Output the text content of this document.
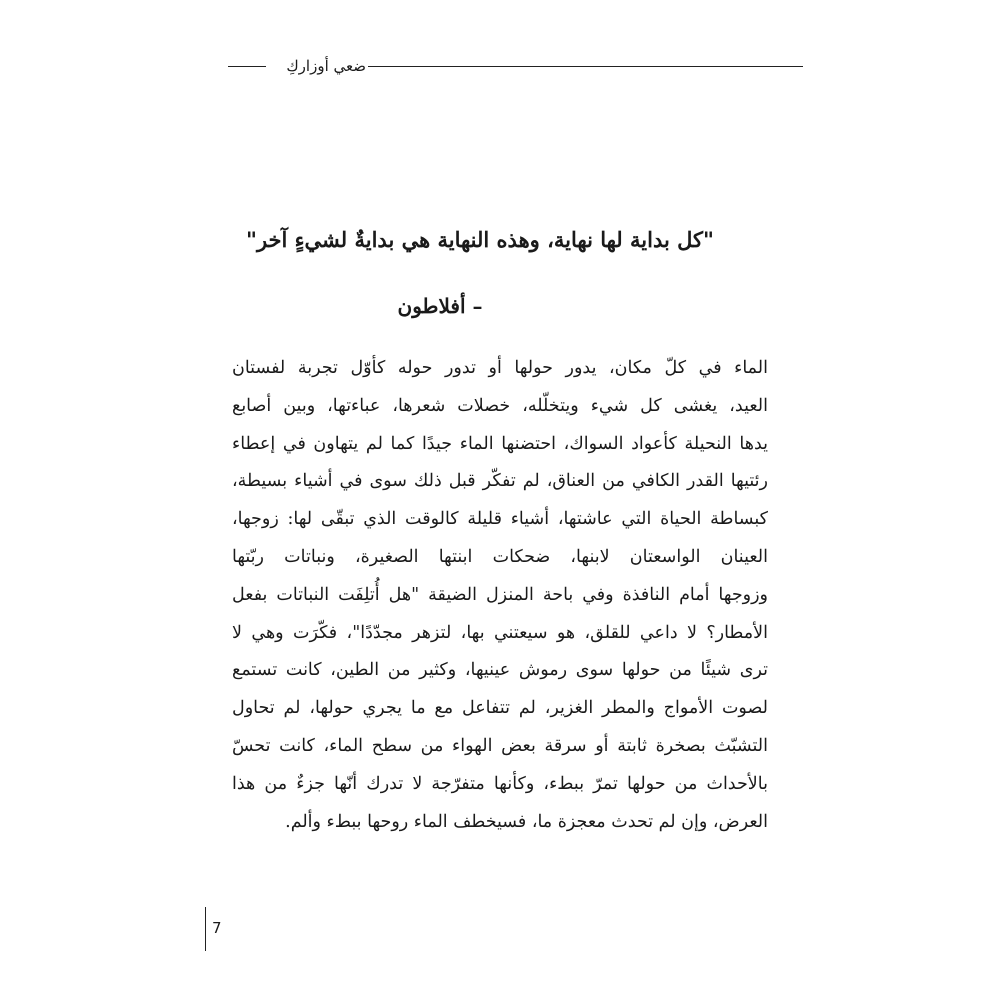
ضعي أوزاركِ
"كل بداية لها نهاية، وهذه النهاية هي بدايةٌ لشيءٍ آخر"
– أفلاطون
الماء في كلّ مكان، يدور حولها أو تدور حوله كأوّل تجربة لفستان
العيد، يغشى كل شيء ويتخلّله، خصلات شعرها، عباءتها، وبين أصابع
يدها النحيلة كأعواد السواك، احتضنها الماء جيدًا كما لم يتهاون في إعطاء
رئتيها القدر الكافي من العناق، لم تفكّر قبل ذلك سوى في أشياء بسيطة،
كبساطة الحياة التي عاشتها، أشياء قليلة كالوقت الذي تبقّى لها: زوجها،
العينان الواسعتان لابنها، ضحكات ابنتها الصغيرة، ونباتات ربّتها
وزوجها أمام النافذة وفي باحة المنزل الضيقة "هل أُتلِفَت النباتات بفعل
الأمطار؟ لا داعي للقلق، هو سيعتني بها، لتزهر مجدّدًا"، فكّرَت وهي لا
ترى شيئًا من حولها سوى رموش عينيها، وكثير من الطين، كانت تستمع
لصوت الأمواج والمطر الغزير، لم تتفاعل مع ما يجري حولها، لم تحاول
التشبّث بصخرة ثابتة أو سرقة بعض الهواء من سطح الماء، كانت تحسّ
بالأحداث من حولها تمرّ ببطء، وكأنها متفرّجة لا تدرك أنّها جزءٌ من هذا
العرض، وإن لم تحدث معجزة ما، فسيخطف الماء روحها ببطء وألم.
7
